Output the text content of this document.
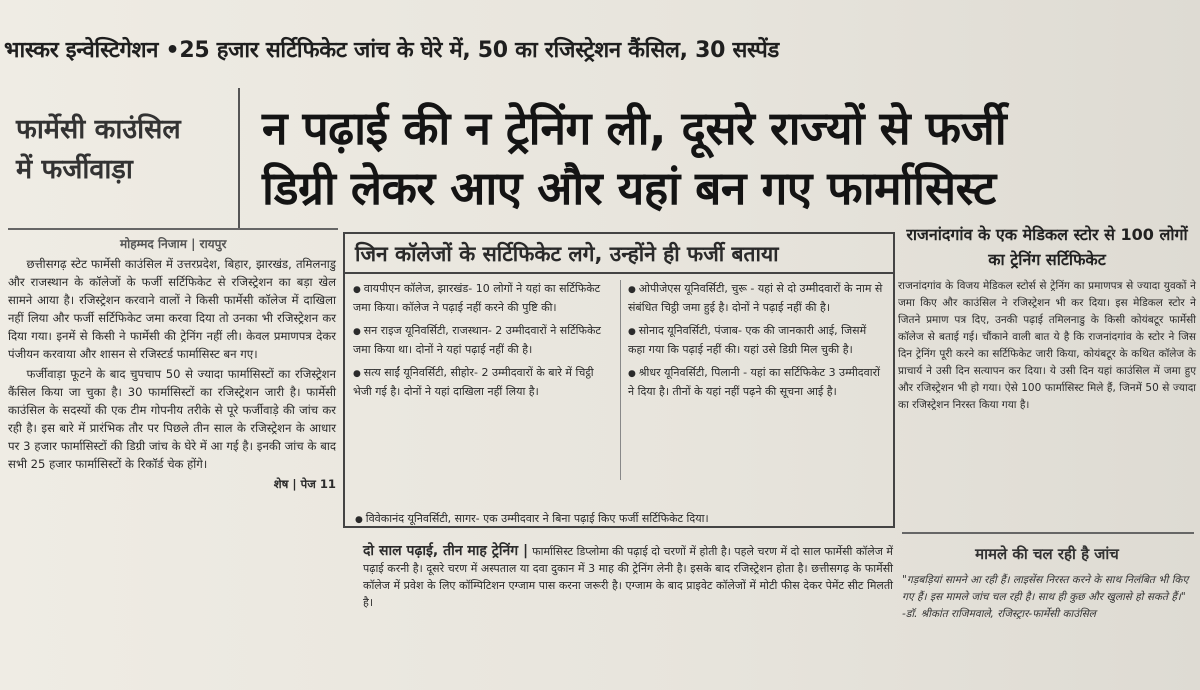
भास्कर इन्वेस्टिगेशन •25 हजार सर्टिफिकेट जांच के घेरे में, 50 का रजिस्ट्रेशन कैंसिल, 30 सस्पेंड
फार्मेसी काउंसिल
में फर्जीवाड़ा
न पढ़ाई की न ट्रेनिंग ली, दूसरे राज्यों से फर्जी
डिग्री लेकर आए और यहां बन गए फार्मासिस्ट
मोहम्मद निजाम | रायपुर

छत्तीसगढ़ स्टेट फार्मेसी काउंसिल में उत्तरप्रदेश, बिहार, झारखंड, तमिलनाडु और राजस्थान के कॉलेजों के फर्जी सर्टिफिकेट से रजिस्ट्रेशन का बड़ा खेल सामने आया है। रजिस्ट्रेशन करवाने वालों ने किसी फार्मेसी कॉलेज में दाखिला नहीं लिया और फर्जी सर्टिफिकेट जमा करवा दिया तो उनका भी रजिस्ट्रेशन कर दिया गया। इनमें से किसी ने फार्मेसी की ट्रेनिंग नहीं ली। केवल प्रमाणपत्र देकर पंजीयन करवाया और शासन से रजिस्टर्ड फार्मासिस्ट बन गए।

फर्जीवाड़ा फूटने के बाद चुपचाप 50 से ज्यादा फार्मासिस्टों का रजिस्ट्रेशन कैंसिल किया जा चुका है। 30 फार्मासिस्टों का रजिस्ट्रेशन जारी है। फार्मेसी काउंसिल के सदस्यों की एक टीम गोपनीय तरीके से पूरे फर्जीवाड़े की जांच कर रही है। इस बारे में प्रारंभिक तौर पर पिछले तीन साल के रजिस्ट्रेशन के आधार पर 3 हजार फार्मासिस्टों की डिग्री जांच के घेरे में आ गई है। इनकी जांच के बाद सभी 25 हजार फार्मासिस्टों के रिकॉर्ड चेक होंगे।

शेष | पेज 11
जिन कॉलेजों के सर्टिफिकेट लगे, उन्होंने ही फर्जी बताया
● वायपीएन कॉलेज, झारखंड- 10 लोगों ने यहां का सर्टिफिकेट जमा किया। कॉलेज ने पढ़ाई नहीं करने की पुष्टि की।
● सन राइज यूनिवर्सिटी, राजस्थान- 2 उम्मीदवारों ने सर्टिफिकेट जमा किया था। दोनों ने यहां पढ़ाई नहीं की है।
● सत्य साईं यूनिवर्सिटी, सीहोर- 2 उम्मीदवारों के बारे में चिट्ठी भेजी गई है। दोनों ने यहां दाखिला नहीं लिया है।
● ओपीजेएस यूनिवर्सिटी, चुरू - यहां से दो उम्मीदवारों के नाम से संबंधित चिट्ठी जमा हुई है। दोनों ने पढ़ाई नहीं की है।
● सोनाद यूनिवर्सिटी, पंजाब- एक की जानकारी आई, जिसमें कहा गया कि पढ़ाई नहीं की। यहां उसे डिग्री मिल चुकी है।
● श्रीधर यूनिवर्सिटी, पिलानी - यहां का सर्टिफिकेट 3 उम्मीदवारों ने दिया है। तीनों के यहां नहीं पढ़ने की सूचना आई है।
● विवेकानंद यूनिवर्सिटी, सागर- एक उम्मीदवार ने बिना पढ़ाई किए फर्जी सर्टिफिकेट दिया।
दो साल पढ़ाई, तीन माह ट्रेनिंग | फार्मासिस्ट डिप्लोमा की पढ़ाई दो चरणों में होती है। पहले चरण में दो साल फार्मेसी कॉलेज में पढ़ाई करनी है। दूसरे चरण में अस्पताल या दवा दुकान में 3 माह की ट्रेनिंग लेनी है। इसके बाद रजिस्ट्रेशन होता है। छत्तीसगढ़ के फार्मेसी कॉलेज में प्रवेश के लिए कॉम्पिटिशन एग्जाम पास करना जरूरी है। एग्जाम के बाद प्राइवेट कॉलेजों में मोटी फीस देकर पेमेंट सीट मिलती है।
राजनांदगांव के एक मेडिकल स्टोर से 100 लोगों का ट्रेनिंग सर्टिफिकेट
राजनांदगांव के विजय मेडिकल स्टोर्स से ट्रेनिंग का प्रमाणपत्र से ज्यादा युवकों ने जमा किए और काउंसिल ने रजिस्ट्रेशन भी कर दिया। इस मेडिकल स्टोर ने जितने प्रमाण पत्र दिए, उनकी पढ़ाई तमिलनाडु के किसी कोयंबटूर फार्मेसी कॉलेज से बताई गई। चौंकाने वाली बात ये है कि राजनांदगांव के स्टोर ने जिस दिन ट्रेनिंग पूरी करने का सर्टिफिकेट जारी किया, कोयंबटूर के कथित कॉलेज के प्राचार्य ने उसी दिन सत्यापन कर दिया। ये उसी दिन यहां काउंसिल में जमा हुए और रजिस्ट्रेशन भी हो गया। ऐसे 100 फार्मासिस्ट मिले हैं, जिनमें 50 से ज्यादा का रजिस्ट्रेशन निरस्त किया गया है।
मामले की चल रही है जांच
"गड़बड़ियां सामने आ रही हैं। लाइसेंस निरस्त करने के साथ निलंबित भी किए गए हैं। इस मामले जांच चल रही है। साथ ही कुछ और खुलासे हो सकते हैं।"
-डॉ. श्रीकांत राजिमवाले, रजिस्ट्रार-फार्मेसी काउंसिल
